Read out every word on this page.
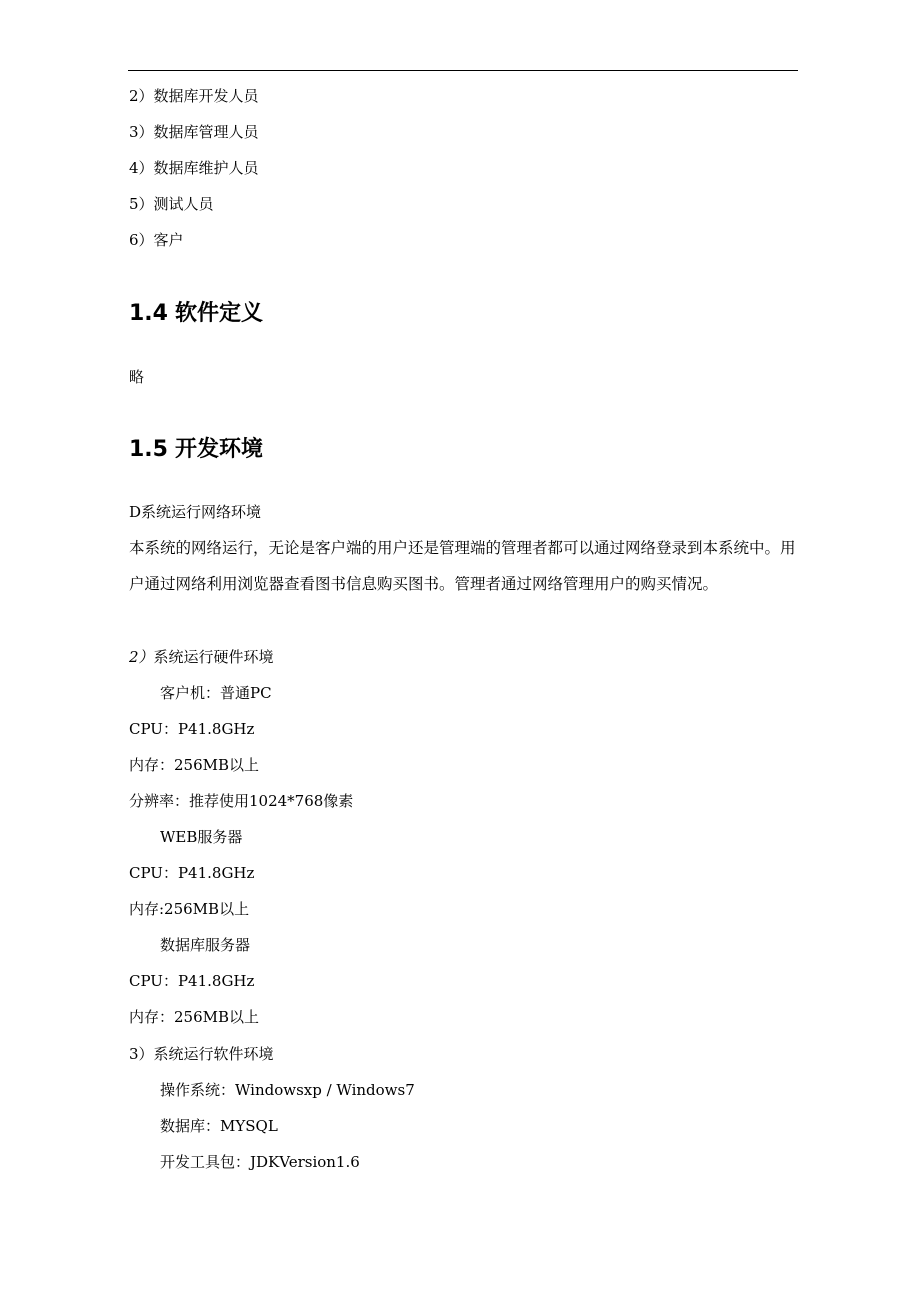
2）数据库开发人员
3）数据库管理人员
4）数据库维护人员
5）测试人员
6）客户
1.4 软件定义
略
1.5 开发环境
D系统运行网络环境
本系统的网络运行，无论是客户端的用户还是管理端的管理者都可以通过网络登录到本系统中。用户通过网络利用浏览器查看图书信息购买图书。管理者通过网络管理用户的购买情况。
2）系统运行硬件环境
客户机：普通PC
CPU：P41.8GHz
内存：256MB以上
分辨率：推荐使用1024*768像素
WEB服务器
CPU：P41.8GHz
内存:256MB以上
数据库服务器
CPU：P41.8GHz
内存：256MB以上
3）系统运行软件环境
操作系统：Windowsxp / Windows7
数据库：MYSQL
开发工具包：JDKVersion1.6
